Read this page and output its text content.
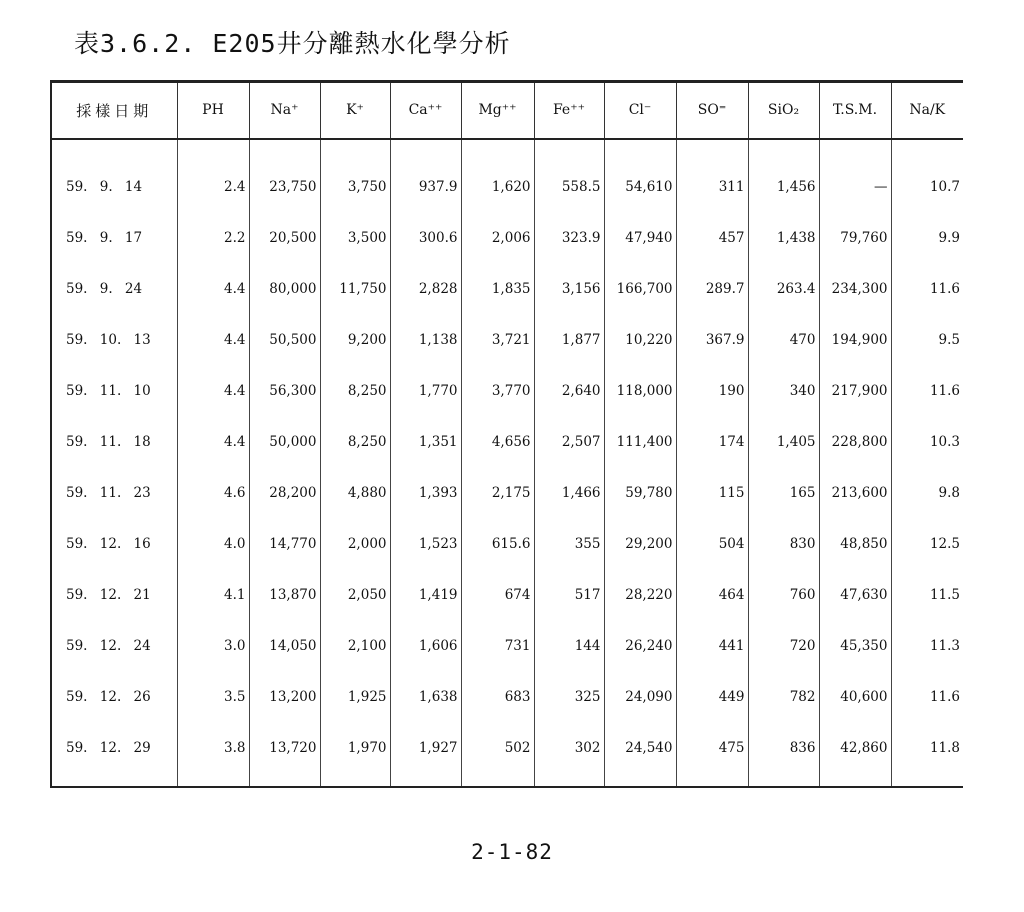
表3.6.2. E205井分離熱水化學分析
採樣日期	PH	Na⁺	K⁺	Ca⁺⁺	Mg⁺⁺	Fe⁺⁺	Cl⁻	SO⁼	SiO₂	T.S.M.	Na/K
59. 9. 14	2.4	23,750	3,750	937.9	1,620	558.5	54,610	311	1,456	—	10.7
59. 9. 17	2.2	20,500	3,500	300.6	2,006	323.9	47,940	457	1,438	79,760	9.9
59. 9. 24	4.4	80,000	11,750	2,828	1,835	3,156	166,700	289.7	263.4	234,300	11.6
59. 10. 13	4.4	50,500	9,200	1,138	3,721	1,877	10,220	367.9	470	194,900	9.5
59. 11. 10	4.4	56,300	8,250	1,770	3,770	2,640	118,000	190	340	217,900	11.6
59. 11. 18	4.4	50,000	8,250	1,351	4,656	2,507	111,400	174	1,405	228,800	10.3
59. 11. 23	4.6	28,200	4,880	1,393	2,175	1,466	59,780	115	165	213,600	9.8
59. 12. 16	4.0	14,770	2,000	1,523	615.6	355	29,200	504	830	48,850	12.5
59. 12. 21	4.1	13,870	2,050	1,419	674	517	28,220	464	760	47,630	11.5
59. 12. 24	3.0	14,050	2,100	1,606	731	144	26,240	441	720	45,350	11.3
59. 12. 26	3.5	13,200	1,925	1,638	683	325	24,090	449	782	40,600	11.6
59. 12. 29	3.8	13,720	1,970	1,927	502	302	24,540	475	836	42,860	11.8
2-1-82
